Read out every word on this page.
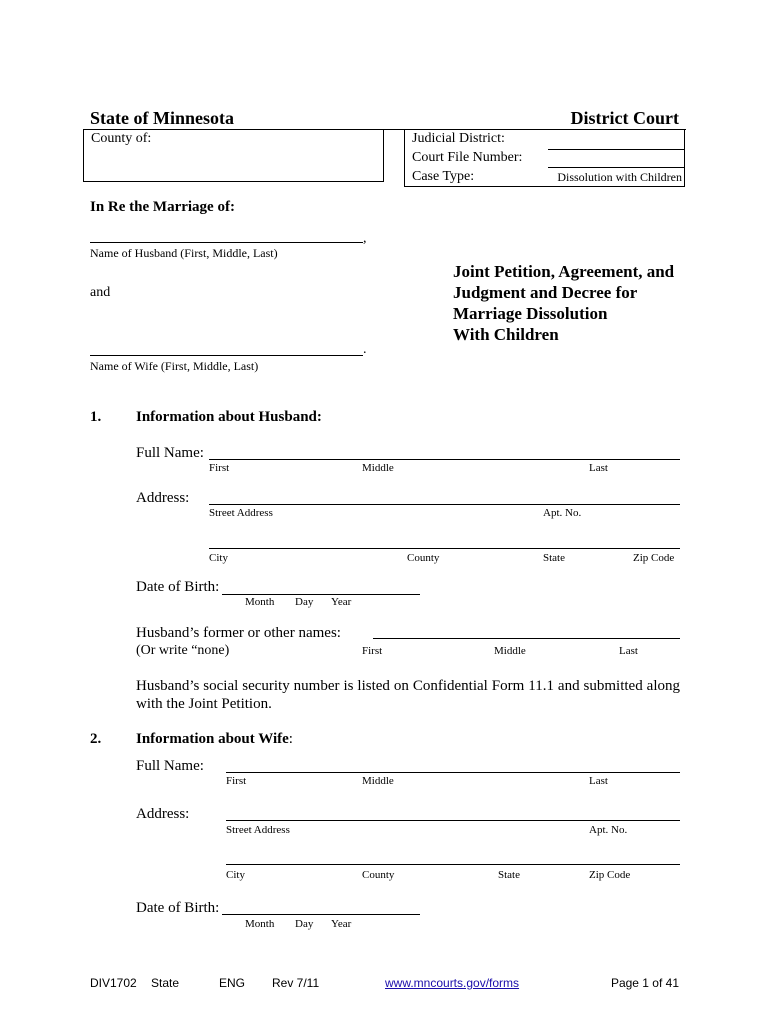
State of Minnesota	District Court
County of:	Judicial District:
Court File Number:
Case Type:	Dissolution with Children
In Re the Marriage of:
,
Name of Husband (First, Middle, Last)
and
.
Name of Wife (First, Middle, Last)
Joint Petition, Agreement, and
Judgment and Decree for
Marriage Dissolution
With Children
1. Information about Husband:
Full Name:
First	Middle	Last
Address:
Street Address	Apt. No.
City	County	State	Zip Code
Date of Birth:
Month Day Year
Husband’s former or other names:
(Or write “none)	First	Middle	Last
Husband’s social security number is listed on Confidential Form 11.1 and submitted along with the Joint Petition.
2. Information about Wife:
Full Name:
First	Middle	Last
Address:
Street Address	Apt. No.
City	County	State	Zip Code
Date of Birth:
Month Day Year
DIV1702 State	ENG Rev 7/11	www.mncourts.gov/forms	Page 1 of 41
